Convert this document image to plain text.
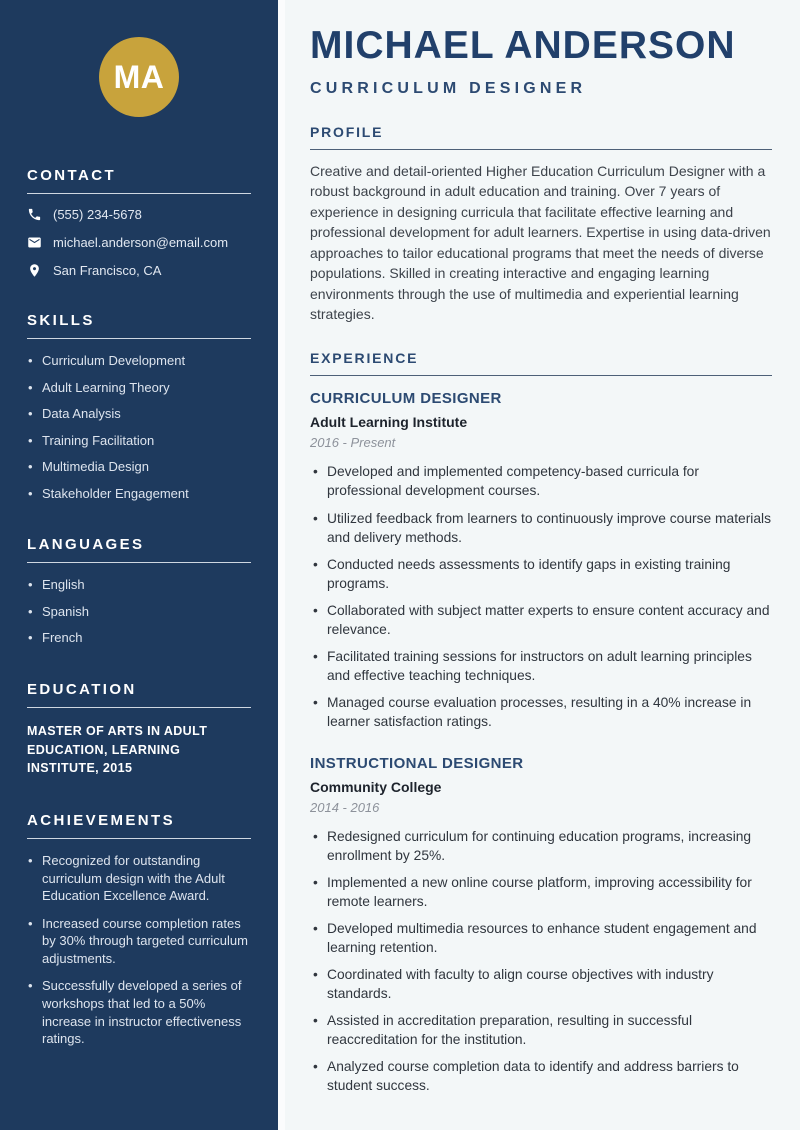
MA
CONTACT
(555) 234-5678
michael.anderson@email.com
San Francisco, CA
SKILLS
• Curriculum Development
• Adult Learning Theory
• Data Analysis
• Training Facilitation
• Multimedia Design
• Stakeholder Engagement
LANGUAGES
• English
• Spanish
• French
EDUCATION

MASTER OF ARTS IN ADULT EDUCATION, LEARNING INSTITUTE, 2015

ACHIEVEMENTS
• Recognized for outstanding curriculum design with the Adult Education Excellence Award.
• Increased course completion rates by 30% through targeted curriculum adjustments.
• Successfully developed a series of workshops that led to a 50% increase in instructor effectiveness ratings.
MICHAEL ANDERSON
CURRICULUM DESIGNER
PROFILE

Creative and detail-oriented Higher Education Curriculum Designer with a robust background in adult education and training. Over 7 years of experience in designing curricula that facilitate effective learning and professional development for adult learners. Expertise in using data-driven approaches to tailor educational programs that meet the needs of diverse populations. Skilled in creating interactive and engaging learning environments through the use of multimedia and experiential learning strategies.

EXPERIENCE
CURRICULUM DESIGNER
Adult Learning Institute
2016 - Present
• Developed and implemented competency-based curricula for professional development courses.
• Utilized feedback from learners to continuously improve course materials and delivery methods.
• Conducted needs assessments to identify gaps in existing training programs.
• Collaborated with subject matter experts to ensure content accuracy and relevance.
• Facilitated training sessions for instructors on adult learning principles and effective teaching techniques.
• Managed course evaluation processes, resulting in a 40% increase in learner satisfaction ratings.
INSTRUCTIONAL DESIGNER
Community College
2014 - 2016
• Redesigned curriculum for continuing education programs, increasing enrollment by 25%.
• Implemented a new online course platform, improving accessibility for remote learners.
• Developed multimedia resources to enhance student engagement and learning retention.
• Coordinated with faculty to align course objectives with industry standards.
• Assisted in accreditation preparation, resulting in successful reaccreditation for the institution.
• Analyzed course completion data to identify and address barriers to student success.
